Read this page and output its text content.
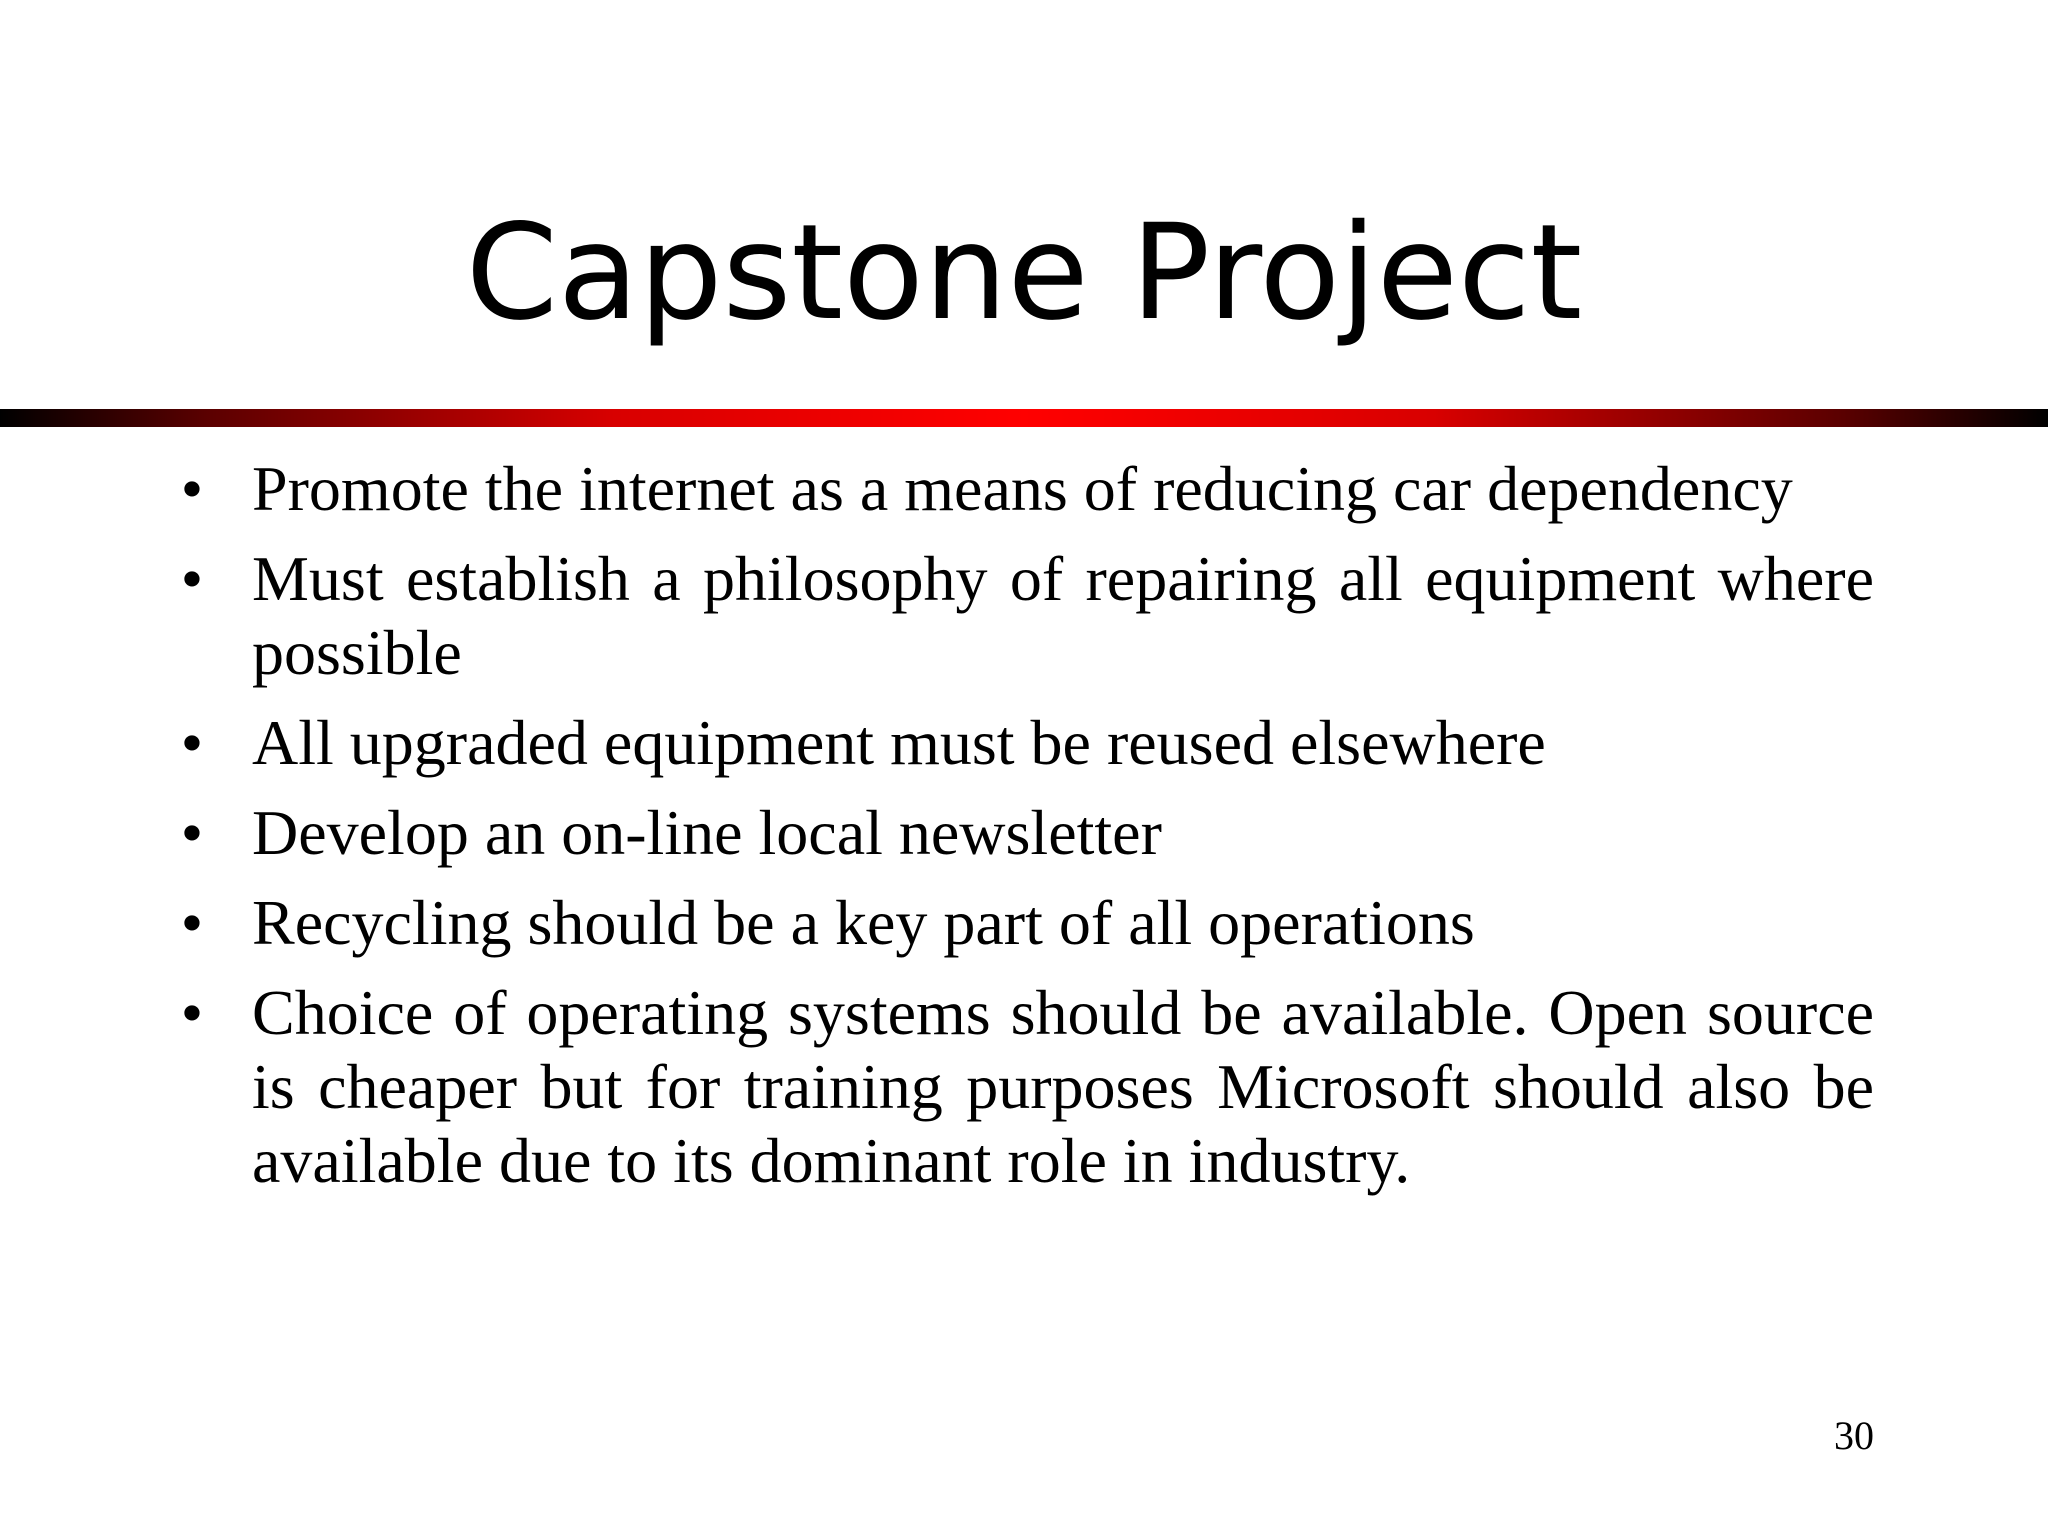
Capstone Project
• Promote the internet as a means of reducing car dependency
• Must establish a philosophy of repairing all equipment where possible
• All upgraded equipment must be reused elsewhere
• Develop an on-line local newsletter
• Recycling should be a key part of all operations
• Choice of operating systems should be available. Open source is cheaper but for training purposes Microsoft should also be available due to its dominant role in industry.
30
